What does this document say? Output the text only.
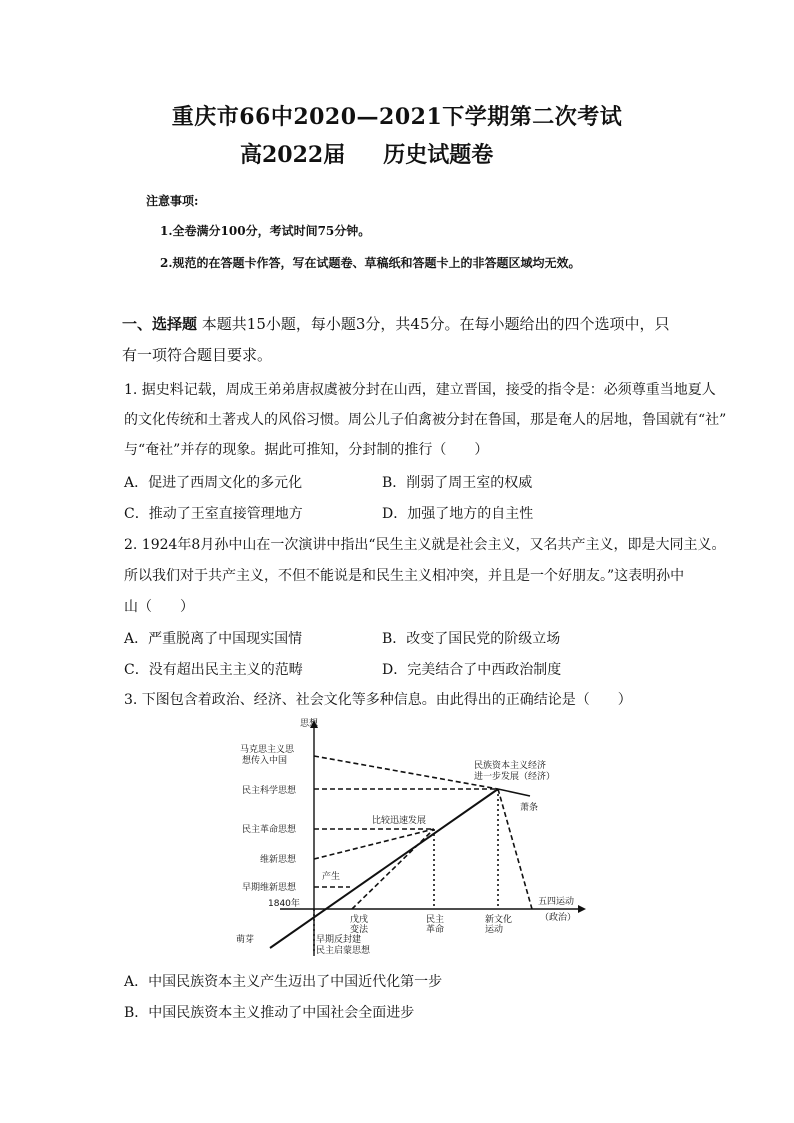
重庆市66中2020—2021下学期第二次考试
高2022届 历史试题卷
注意事项:
1.全卷满分100分，考试时间75分钟。
2.规范的在答题卡作答，写在试题卷、草稿纸和答题卡上的非答题区域均无效。
一、选择题 本题共15小题，每小题3分，共45分。在每小题给出的四个选项中，只
有一项符合题目要求。
1. 据史料记载，周成王弟弟唐叔虞被分封在山西，建立晋国，接受的指令是：必须尊重当地夏人
的文化传统和土著戎人的风俗习惯。周公儿子伯禽被分封在鲁国，那是奄人的居地，鲁国就有“社”
与“奄社”并存的现象。据此可推知，分封制的推行（　　）
A．促进了西周文化的多元化	B．削弱了周王室的权威
C．推动了王室直接管理地方	D．加强了地方的自主性
2. 1924年8月孙中山在一次演讲中指出“民生主义就是社会主义，又名共产主义，即是大同主义。
所以我们对于共产主义，不但不能说是和民生主义相冲突，并且是一个好朋友。”这表明孙中
山（　　）
A．严重脱离了中国现实国情	B．改变了国民党的阶级立场
C．没有超出民主主义的范畴	D．完美结合了中西政治制度
3. 下图包含着政治、经济、社会文化等多种信息。由此得出的正确结论是（　　）
思想
马克思主义思
想传入中国
民主科学思想
民主革命思想
维新思想
早期维新思想
1840年
萌芽
戊戌
变法
民主
革命
新文化
运动
五四运动
（政治）
早期反封建
民主启蒙思想
产生
比较迅速发展
民族资本主义经济
进一步发展（经济）
萧条
A．中国民族资本主义产生迈出了中国近代化第一步
B．中国民族资本主义推动了中国社会全面进步
